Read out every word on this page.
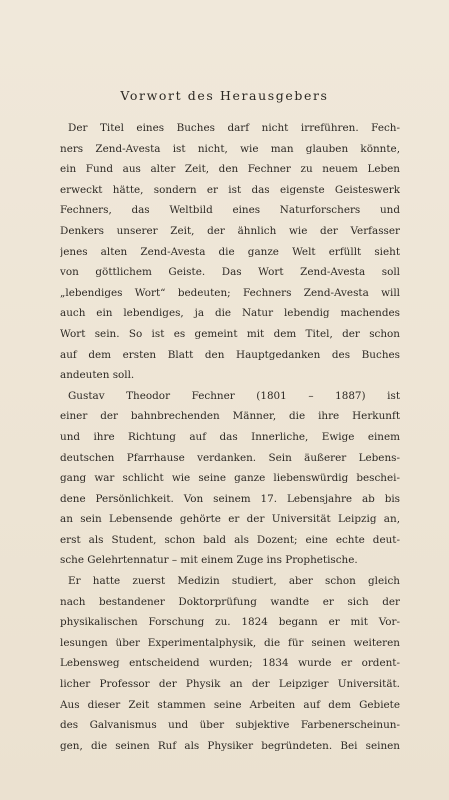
Vorwort des Herausgebers
Der Titel eines Buches darf nicht irreführen. Fech-
ners Zend-Avesta ist nicht, wie man glauben könnte,
ein Fund aus alter Zeit, den Fechner zu neuem Leben
erweckt hätte, sondern er ist das eigenste Geisteswerk
Fechners, das Weltbild eines Naturforschers und
Denkers unserer Zeit, der ähnlich wie der Verfasser
jenes alten Zend-Avesta die ganze Welt erfüllt sieht
von göttlichem Geiste. Das Wort Zend-Avesta soll
„lebendiges Wort“ bedeuten; Fechners Zend-Avesta will
auch ein lebendiges, ja die Natur lebendig machendes
Wort sein. So ist es gemeint mit dem Titel, der schon
auf dem ersten Blatt den Hauptgedanken des Buches
andeuten soll.
Gustav Theodor Fechner (1801 – 1887) ist
einer der bahnbrechenden Männer, die ihre Herkunft
und ihre Richtung auf das Innerliche, Ewige einem
deutschen Pfarrhause verdanken. Sein äußerer Lebens-
gang war schlicht wie seine ganze liebenswürdig beschei-
dene Persönlichkeit. Von seinem 17. Lebensjahre ab bis
an sein Lebensende gehörte er der Universität Leipzig an,
erst als Student, schon bald als Dozent; eine echte deut-
sche Gelehrtennatur – mit einem Zuge ins Prophetische.
Er hatte zuerst Medizin studiert, aber schon gleich
nach bestandener Doktorprüfung wandte er sich der
physikalischen Forschung zu. 1824 begann er mit Vor-
lesungen über Experimentalphysik, die für seinen weiteren
Lebensweg entscheidend wurden; 1834 wurde er ordent-
licher Professor der Physik an der Leipziger Universität.
Aus dieser Zeit stammen seine Arbeiten auf dem Gebiete
des Galvanismus und über subjektive Farbenerscheinun-
gen, die seinen Ruf als Physiker begründeten. Bei seinen
